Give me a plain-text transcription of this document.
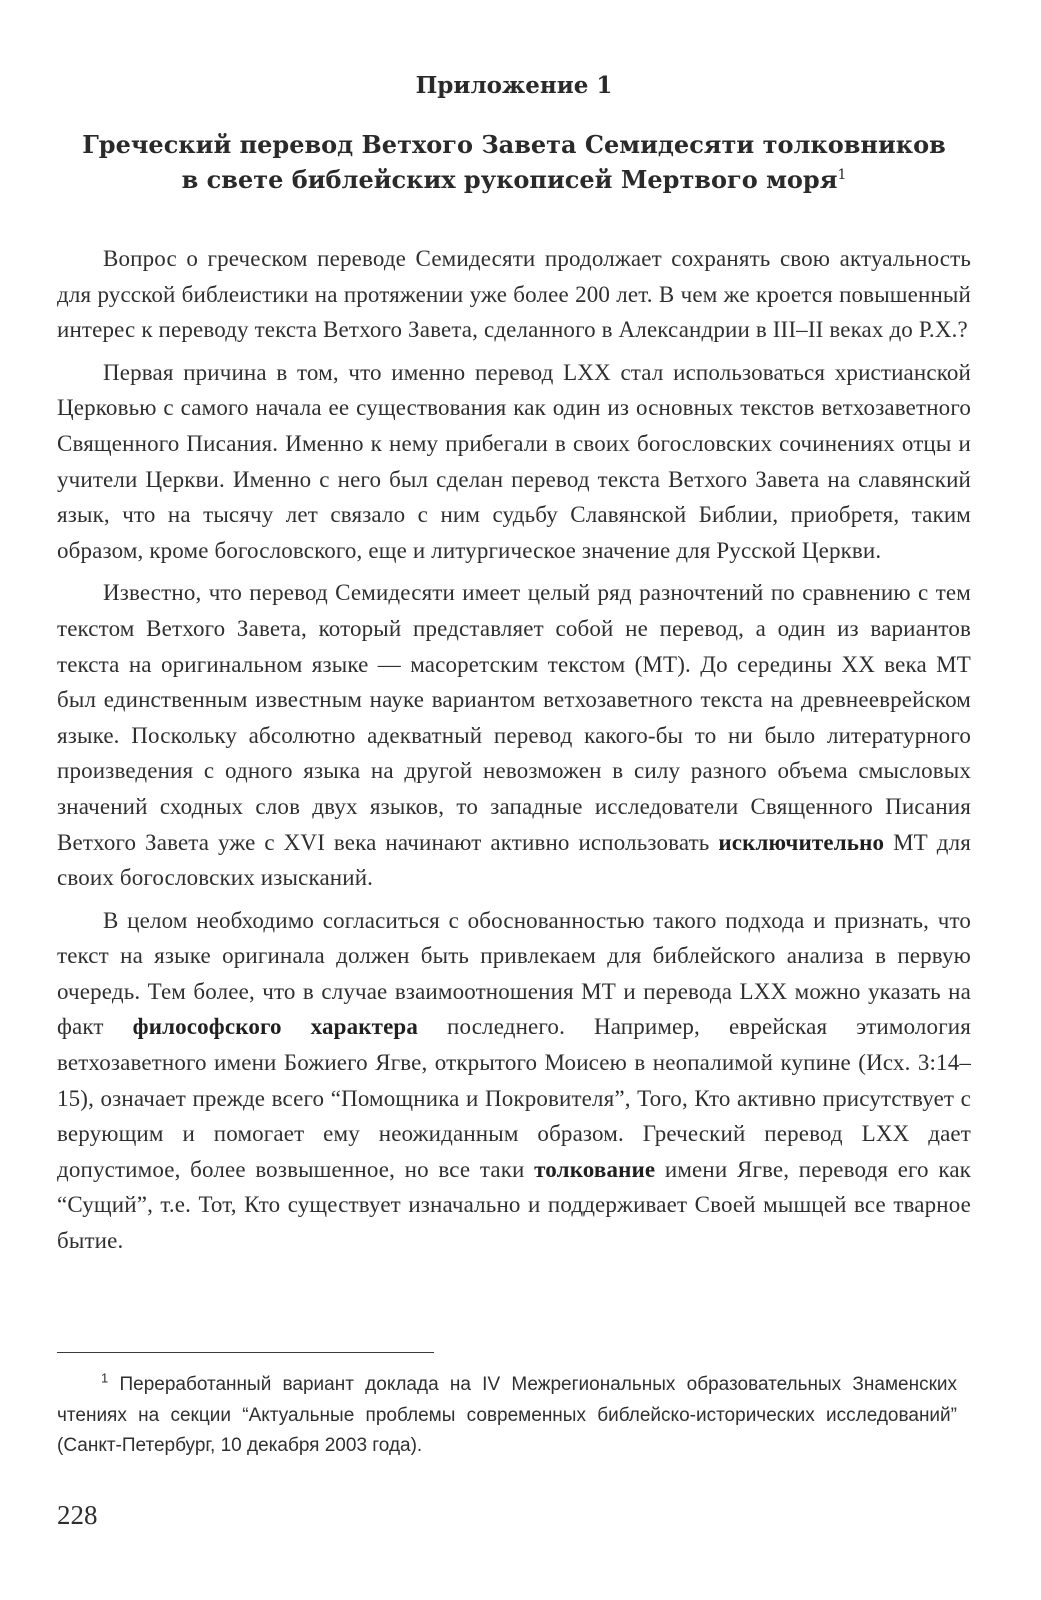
Приложение 1
Греческий перевод Ветхого Завета Семидесяти толковников
в свете библейских рукописей Мертвого моря$^1$

Вопрос о греческом переводе Семидесяти продолжает сохранять свою актуальность для русской библеистики на протяжении уже более 200 лет. В чем же кроется повышенный интерес к переводу текста Ветхого Завета, сделанного в Александрии в III–II веках до Р.Х.?

Первая причина в том, что именно перевод LXX стал использоваться христианской Церковью с самого начала ее существования как один из основных текстов ветхозаветного Священного Писания. Именно к нему прибегали в своих богословских сочинениях отцы и учители Церкви. Именно с него был сделан перевод текста Ветхого Завета на славянский язык, что на тысячу лет связало с ним судьбу Славянской Библии, приобретя, таким образом, кроме богословского, еще и литургическое значение для Русской Церкви.

Известно, что перевод Семидесяти имеет целый ряд разночтений по сравнению с тем текстом Ветхого Завета, который представляет собой не перевод, а один из вариантов текста на оригинальном языке — масоретским текстом (МТ). До середины XX века МТ был единственным известным науке вариантом ветхозаветного текста на древнееврейском языке. Поскольку абсолютно адекватный перевод какого-бы то ни было литературного произведения с одного языка на другой невозможен в силу разного объема смысловых значений сходных слов двух языков, то западные исследователи Священного Писания Ветхого Завета уже с XVI века начинают активно использовать исключительно МТ для своих богословских изысканий.

В целом необходимо согласиться с обоснованностью такого подхода и признать, что текст на языке оригинала должен быть привлекаем для библейского анализа в первую очередь. Тем более, что в случае взаимоотношения МТ и перевода LXX можно указать на факт философского характера последнего. Например, еврейская этимология ветхозаветного имени Божиего Ягве, открытого Моисею в неопалимой купине (Исх. 3:14–15), означает прежде всего “Помощника и Покровителя”, Того, Кто активно присутствует с верующим и помогает ему неожиданным образом. Греческий перевод LXX дает допустимое, более возвышенное, но все таки толкование имени Ягве, переводя его как “Сущий”, т.е. Тот, Кто существует изначально и поддерживает Своей мышцей все тварное бытие.

$^1$ Переработанный вариант доклада на IV Межрегиональных образовательных Знаменских чтениях на секции “Актуальные проблемы современных библейско-исторических исследований” (Санкт-Петербург, 10 декабря 2003 года).

228
